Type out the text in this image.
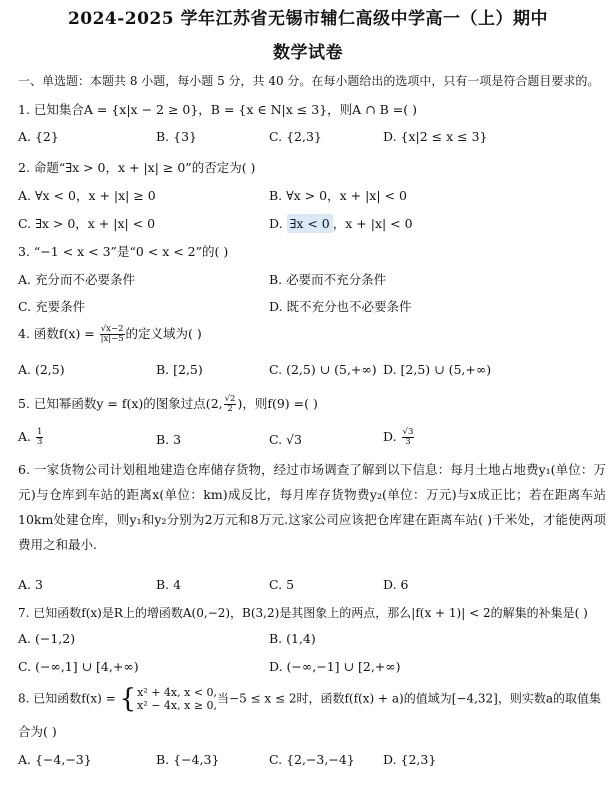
2024-2025 学年江苏省无锡市辅仁高级中学高一（上）期中
数学试卷
一、单选题：本题共 8 小题，每小题 5 分，共 40 分。在每小题给出的选项中，只有一项是符合题目要求的。
1. 已知集合A = {x|x − 2 ≥ 0}，B = {x ∈ N|x ≤ 3}，则A ∩ B =( )
A. {2}	B. {3}	C. {2,3}	D. {x|2 ≤ x ≤ 3}
2. 命题“∃x > 0，x + |x| ≥ 0”的否定为( )
A. ∀x < 0，x + |x| ≥ 0	B. ∀x > 0，x + |x| < 0
C. ∃x > 0，x + |x| < 0	D. ∃x < 0 ，x + |x| < 0
3. “−1 < x < 3”是“0 < x < 2”的( )
A. 充分而不必要条件	B. 必要而不充分条件
C. 充要条件	D. 既不充分也不必要条件
4. 函数$f(x) = \frac{√x-2}{|x|-5}$ 的定义域为( )
A. (2,5)	B. [2,5)	C. (2,5) ∪ (5,+∞) D. [2,5) ∪ (5,+∞)
5. 已知幂函数y = f(x)的图象过点(2, $\frac{√2}{2}$ )，则f(9) =( )
A. $\frac{1}{3}$	B. 3	C. √3	D. $\frac{√3}{3}$
6. 一家货物公司计划租地建造仓库储存货物，经过市场调查了解到以下信息：每月土地占地费y₁(单位：万元)与仓库到车站的距离x(单位：km)成反比，每月库存货物费y₂(单位：万元)与x成正比；若在距离车站10km处建仓库，则y₁和y₂分别为2万元和8万元.这家公司应该把仓库建在距离车站( )千米处，才能使两项费用之和最小.
A. 3	B. 4	C. 5	D. 6
7. 已知函数f(x)是R上的增函数A(0,−2)，B(3,2)是其图象上的两点，那么|f(x + 1)| < 2的解集的补集是( )
A. (−1,2)	B. (1,4)
C. (−∞,1] ∪ [4,+∞)	D. (−∞,−1] ∪ [2,+∞)
8. 已知函数f(x) = { x² + 4x, x < 0,
x² − 4x, x ≥ 0, 当−5 ≤ x ≤ 2时，函数f(f(x) + a)的值域为[−4,32]，则实数a的取值集
合为( )
A. {−4,−3}	B. {−4,3}	C. {2,−3,−4} D. {2,3}
